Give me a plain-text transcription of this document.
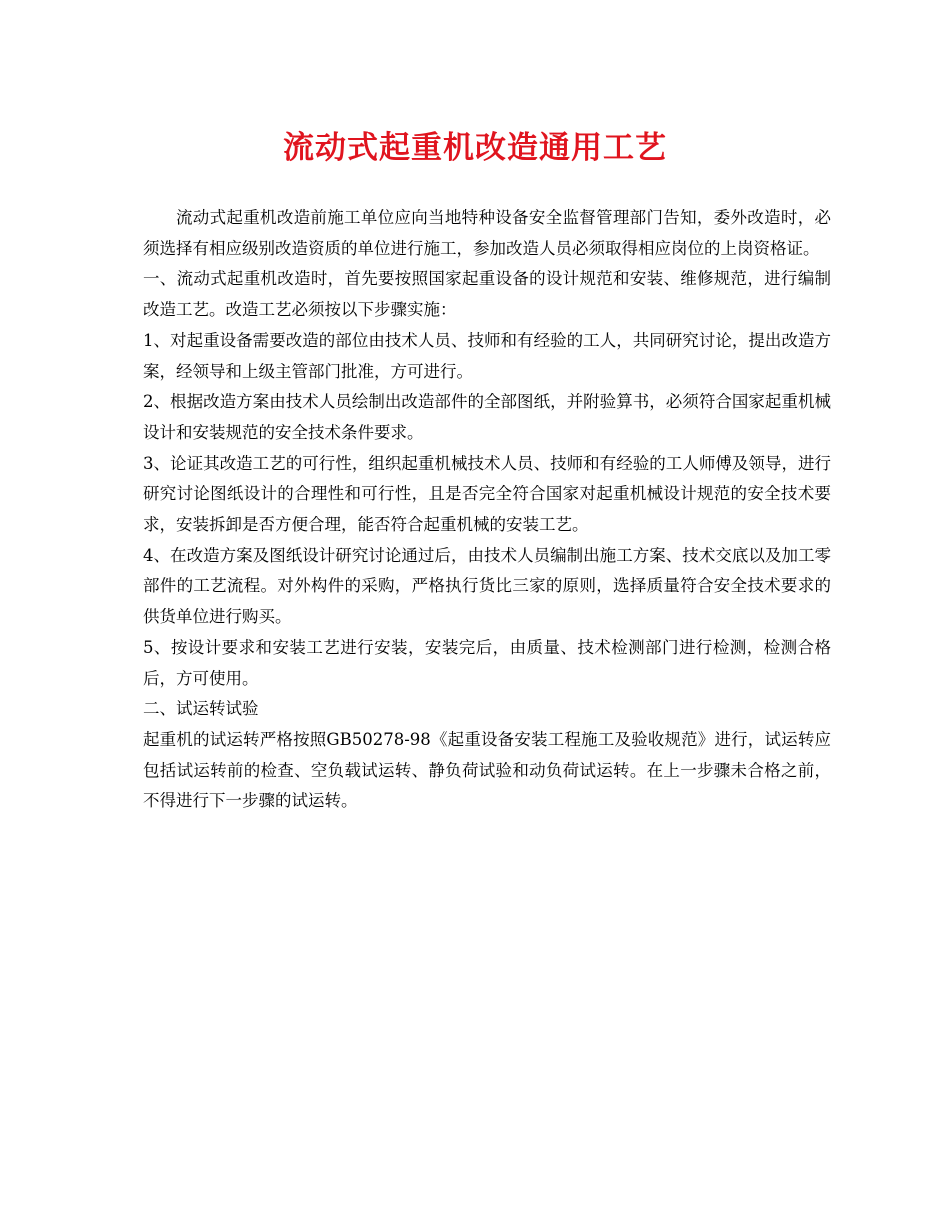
流动式起重机改造通用工艺

流动式起重机改造前施工单位应向当地特种设备安全监督管理部门告知，委外改造时，必须选择有相应级别改造资质的单位进行施工，参加改造人员必须取得相应岗位的上岗资格证。

一、流动式起重机改造时，首先要按照国家起重设备的设计规范和安装、维修规范，进行编制改造工艺。改造工艺必须按以下步骤实施：

1、对起重设备需要改造的部位由技术人员、技师和有经验的工人，共同研究讨论，提出改造方案，经领导和上级主管部门批准，方可进行。

2、根据改造方案由技术人员绘制出改造部件的全部图纸，并附验算书，必须符合国家起重机械设计和安装规范的安全技术条件要求。

3、论证其改造工艺的可行性，组织起重机械技术人员、技师和有经验的工人师傅及领导，进行研究讨论图纸设计的合理性和可行性，且是否完全符合国家对起重机械设计规范的安全技术要求，安装拆卸是否方便合理，能否符合起重机械的安装工艺。

4、在改造方案及图纸设计研究讨论通过后，由技术人员编制出施工方案、技术交底以及加工零部件的工艺流程。对外构件的采购，严格执行货比三家的原则，选择质量符合安全技术要求的供货单位进行购买。

5、按设计要求和安装工艺进行安装，安装完后，由质量、技术检测部门进行检测，检测合格后，方可使用。

二、试运转试验

起重机的试运转严格按照GB50278-98《起重设备安装工程施工及验收规范》进行，试运转应包括试运转前的检查、空负载试运转、静负荷试验和动负荷试运转。在上一步骤未合格之前，不得进行下一步骤的试运转。
